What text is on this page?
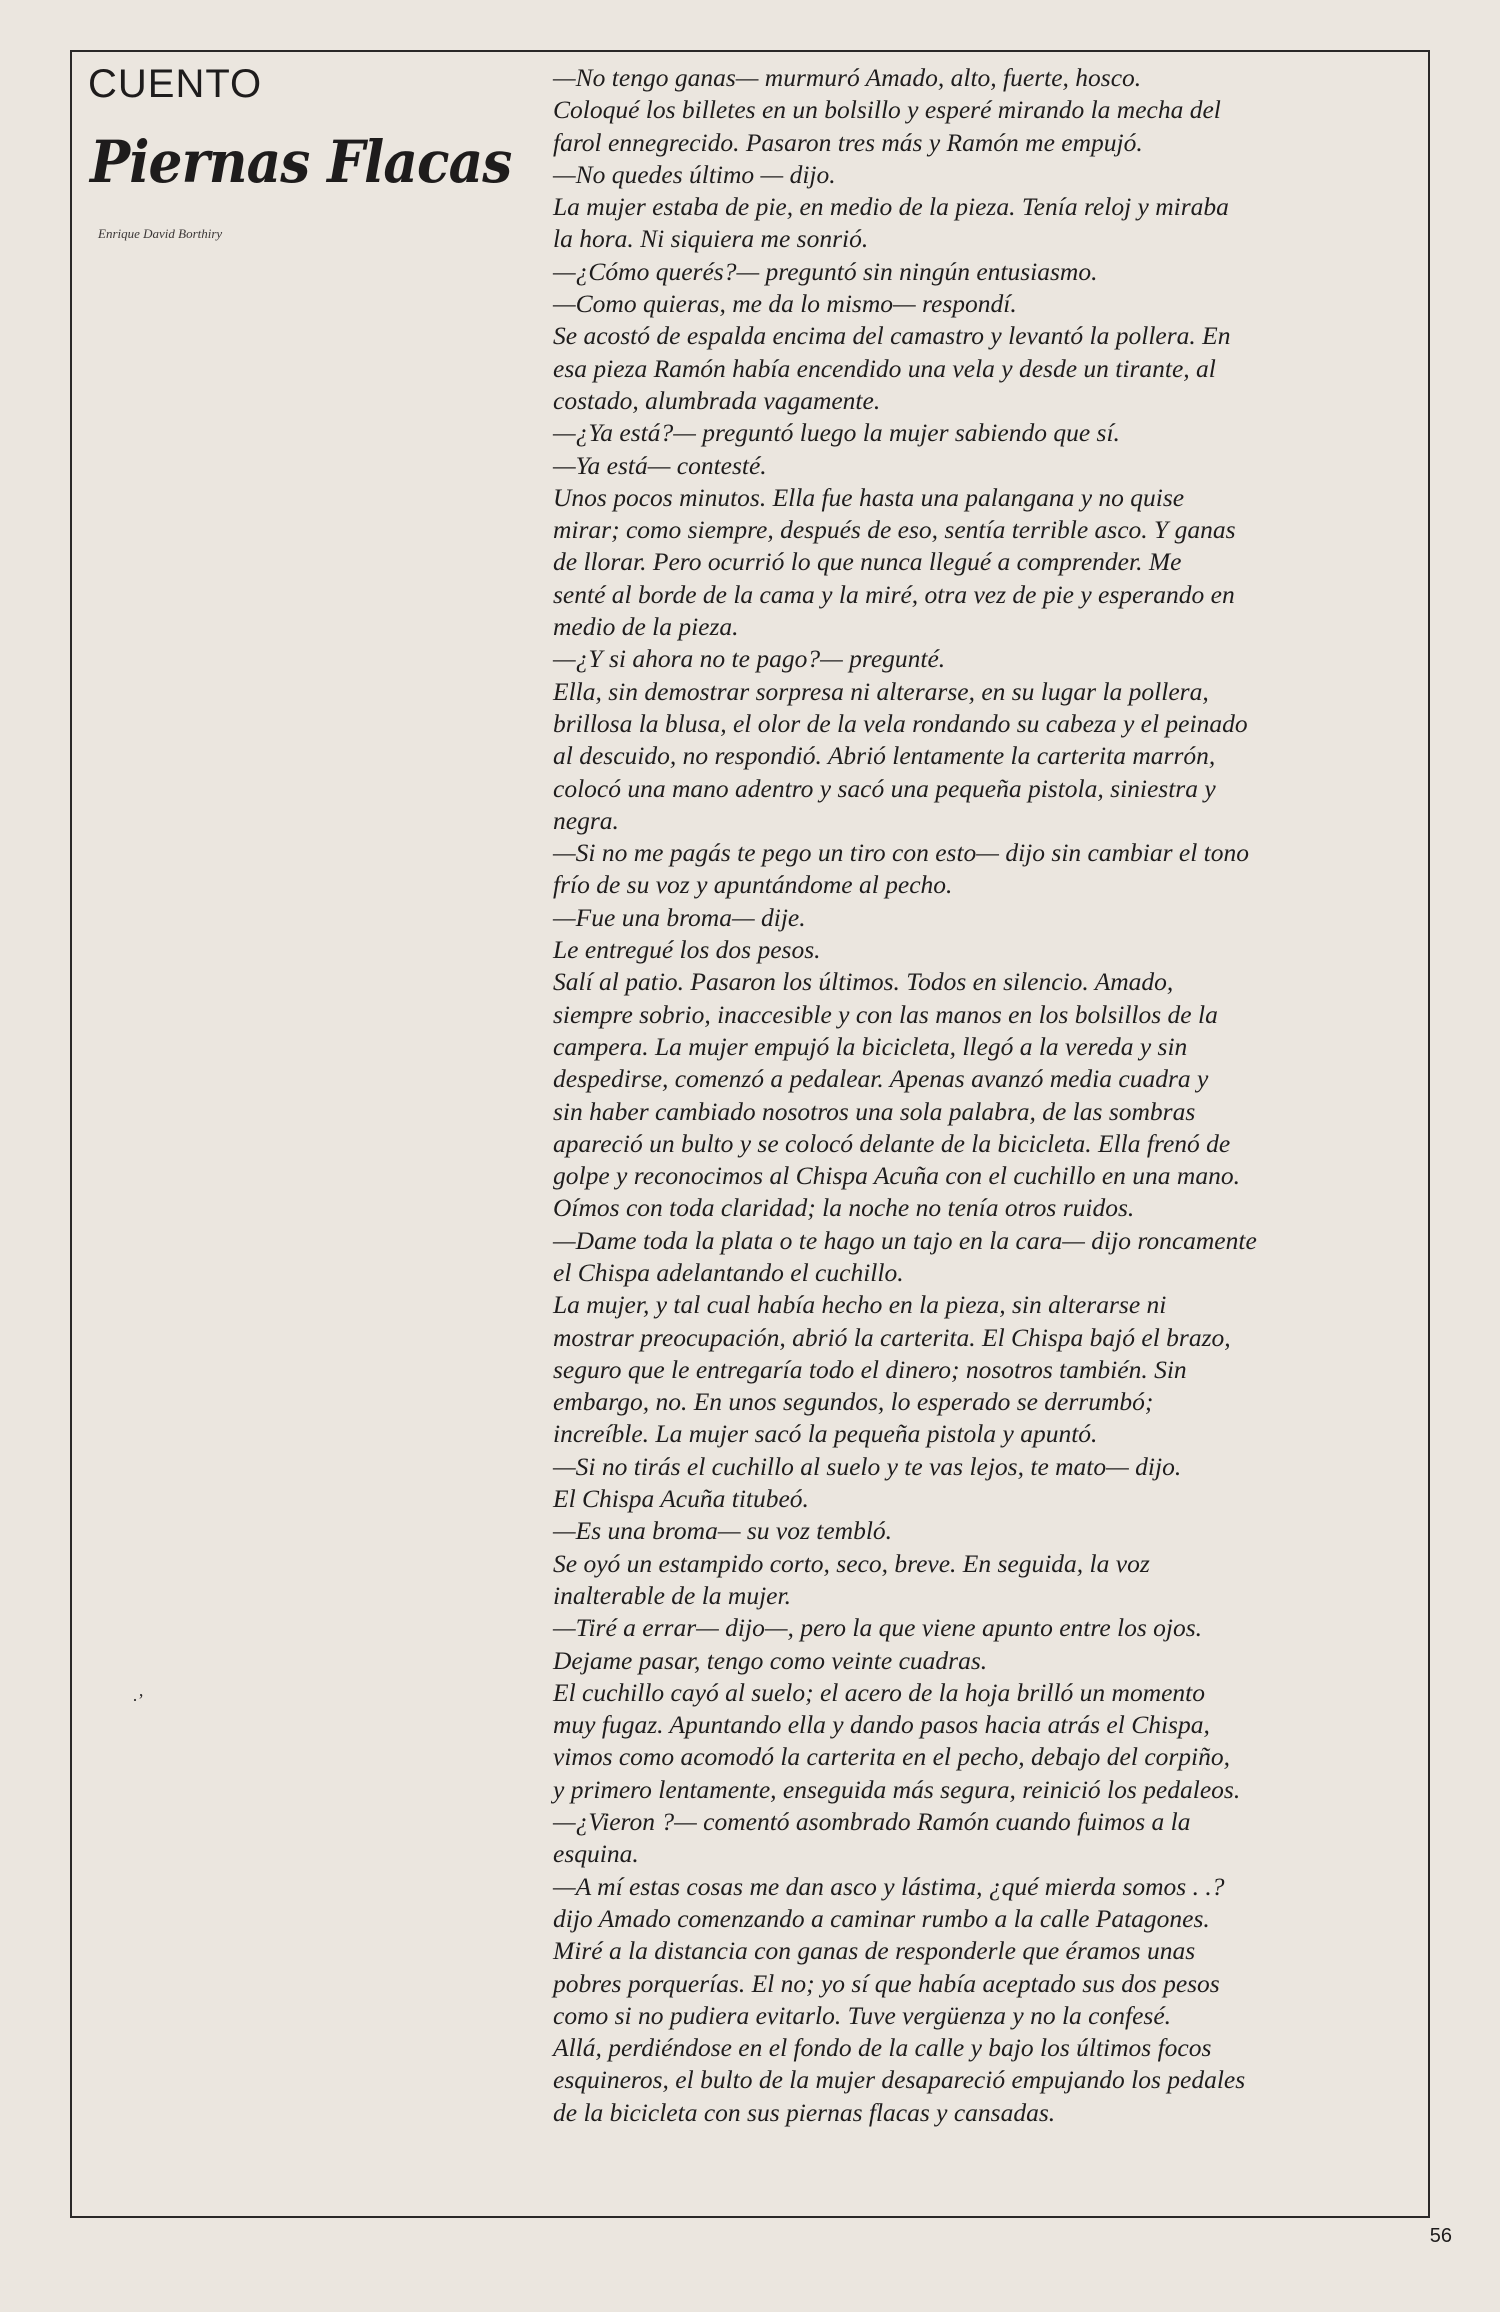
CUENTO
Piernas Flacas

Enrique David Borthiry

·’

—No tengo ganas— murmuró Amado, alto, fuerte, hosco.

Coloqué los billetes en un bolsillo y esperé mirando la mecha del

farol ennegrecido. Pasaron tres más y Ramón me empujó.

—No quedes último — dijo.

La mujer estaba de pie, en medio de la pieza. Tenía reloj y miraba

la hora. Ni siquiera me sonrió.

—¿Cómo querés?— preguntó sin ningún entusiasmo.

—Como quieras, me da lo mismo— respondí.

Se acostó de espalda encima del camastro y levantó la pollera. En

esa pieza Ramón había encendido una vela y desde un tirante, al

costado, alumbrada vagamente.

—¿Ya está?— preguntó luego la mujer sabiendo que sí.

—Ya está— contesté.

Unos pocos minutos. Ella fue hasta una palangana y no quise

mirar; como siempre, después de eso, sentía terrible asco. Y ganas

de llorar. Pero ocurrió lo que nunca llegué a comprender. Me

senté al borde de la cama y la miré, otra vez de pie y esperando en

medio de la pieza.

—¿Y si ahora no te pago?— pregunté.

Ella, sin demostrar sorpresa ni alterarse, en su lugar la pollera,

brillosa la blusa, el olor de la vela rondando su cabeza y el peinado

al descuido, no respondió. Abrió lentamente la carterita marrón,

colocó una mano adentro y sacó una pequeña pistola, siniestra y

negra.

—Si no me pagás te pego un tiro con esto— dijo sin cambiar el tono

frío de su voz y apuntándome al pecho.

—Fue una broma— dije.

Le entregué los dos pesos.

Salí al patio. Pasaron los últimos. Todos en silencio. Amado,

siempre sobrio, inaccesible y con las manos en los bolsillos de la

campera. La mujer empujó la bicicleta, llegó a la vereda y sin

despedirse, comenzó a pedalear. Apenas avanzó media cuadra y

sin haber cambiado nosotros una sola palabra, de las sombras

apareció un bulto y se colocó delante de la bicicleta. Ella frenó de

golpe y reconocimos al Chispa Acuña con el cuchillo en una mano.

Oímos con toda claridad; la noche no tenía otros ruidos.

—Dame toda la plata o te hago un tajo en la cara— dijo roncamente

el Chispa adelantando el cuchillo.

La mujer, y tal cual había hecho en la pieza, sin alterarse ni

mostrar preocupación, abrió la carterita. El Chispa bajó el brazo,

seguro que le entregaría todo el dinero; nosotros también. Sin

embargo, no. En unos segundos, lo esperado se derrumbó;

increíble. La mujer sacó la pequeña pistola y apuntó.

—Si no tirás el cuchillo al suelo y te vas lejos, te mato— dijo.

El Chispa Acuña titubeó.

—Es una broma— su voz tembló.

Se oyó un estampido corto, seco, breve. En seguida, la voz

inalterable de la mujer.

—Tiré a errar— dijo—, pero la que viene apunto entre los ojos.

Dejame pasar, tengo como veinte cuadras.

El cuchillo cayó al suelo; el acero de la hoja brilló un momento

muy fugaz. Apuntando ella y dando pasos hacia atrás el Chispa,

vimos como acomodó la carterita en el pecho, debajo del corpiño,

y primero lentamente, enseguida más segura, reinició los pedaleos.

—¿Vieron ?— comentó asombrado Ramón cuando fuimos a la

esquina.

—A mí estas cosas me dan asco y lástima, ¿qué mierda somos . .?

dijo Amado comenzando a caminar rumbo a la calle Patagones.

Miré a la distancia con ganas de responderle que éramos unas

pobres porquerías. El no; yo sí que había aceptado sus dos pesos

como si no pudiera evitarlo. Tuve vergüenza y no la confesé.

Allá, perdiéndose en el fondo de la calle y bajo los últimos focos

esquineros, el bulto de la mujer desapareció empujando los pedales

de la bicicleta con sus piernas flacas y cansadas.

56
